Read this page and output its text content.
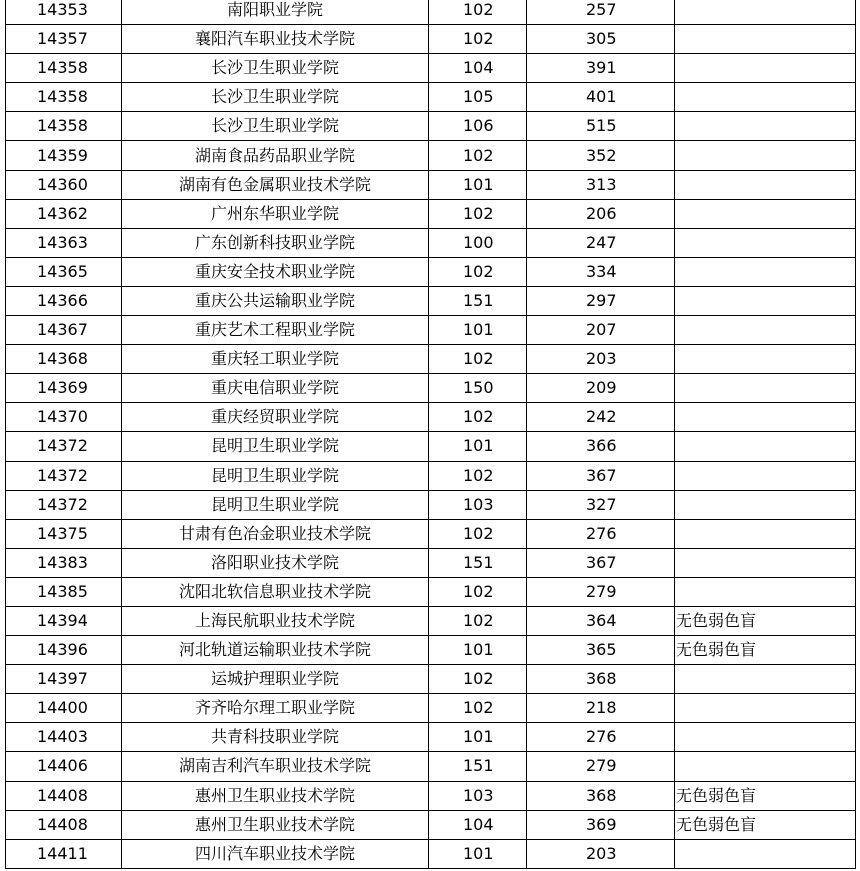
14353	南阳职业学院	102	257	
14357	襄阳汽车职业技术学院	102	305	
14358	长沙卫生职业学院	104	391	
14358	长沙卫生职业学院	105	401	
14358	长沙卫生职业学院	106	515	
14359	湖南食品药品职业学院	102	352	
14360	湖南有色金属职业技术学院	101	313	
14362	广州东华职业学院	102	206	
14363	广东创新科技职业学院	100	247	
14365	重庆安全技术职业学院	102	334	
14366	重庆公共运输职业学院	151	297	
14367	重庆艺术工程职业学院	101	207	
14368	重庆轻工职业学院	102	203	
14369	重庆电信职业学院	150	209	
14370	重庆经贸职业学院	102	242	
14372	昆明卫生职业学院	101	366	
14372	昆明卫生职业学院	102	367	
14372	昆明卫生职业学院	103	327	
14375	甘肃有色冶金职业技术学院	102	276	
14383	洛阳职业技术学院	151	367	
14385	沈阳北软信息职业技术学院	102	279	
14394	上海民航职业技术学院	102	364	无色弱色盲
14396	河北轨道运输职业技术学院	101	365	无色弱色盲
14397	运城护理职业学院	102	368	
14400	齐齐哈尔理工职业学院	102	218	
14403	共青科技职业学院	101	276	
14406	湖南吉利汽车职业技术学院	151	279	
14408	惠州卫生职业技术学院	103	368	无色弱色盲
14408	惠州卫生职业技术学院	104	369	无色弱色盲
14411	四川汽车职业技术学院	101	203	
